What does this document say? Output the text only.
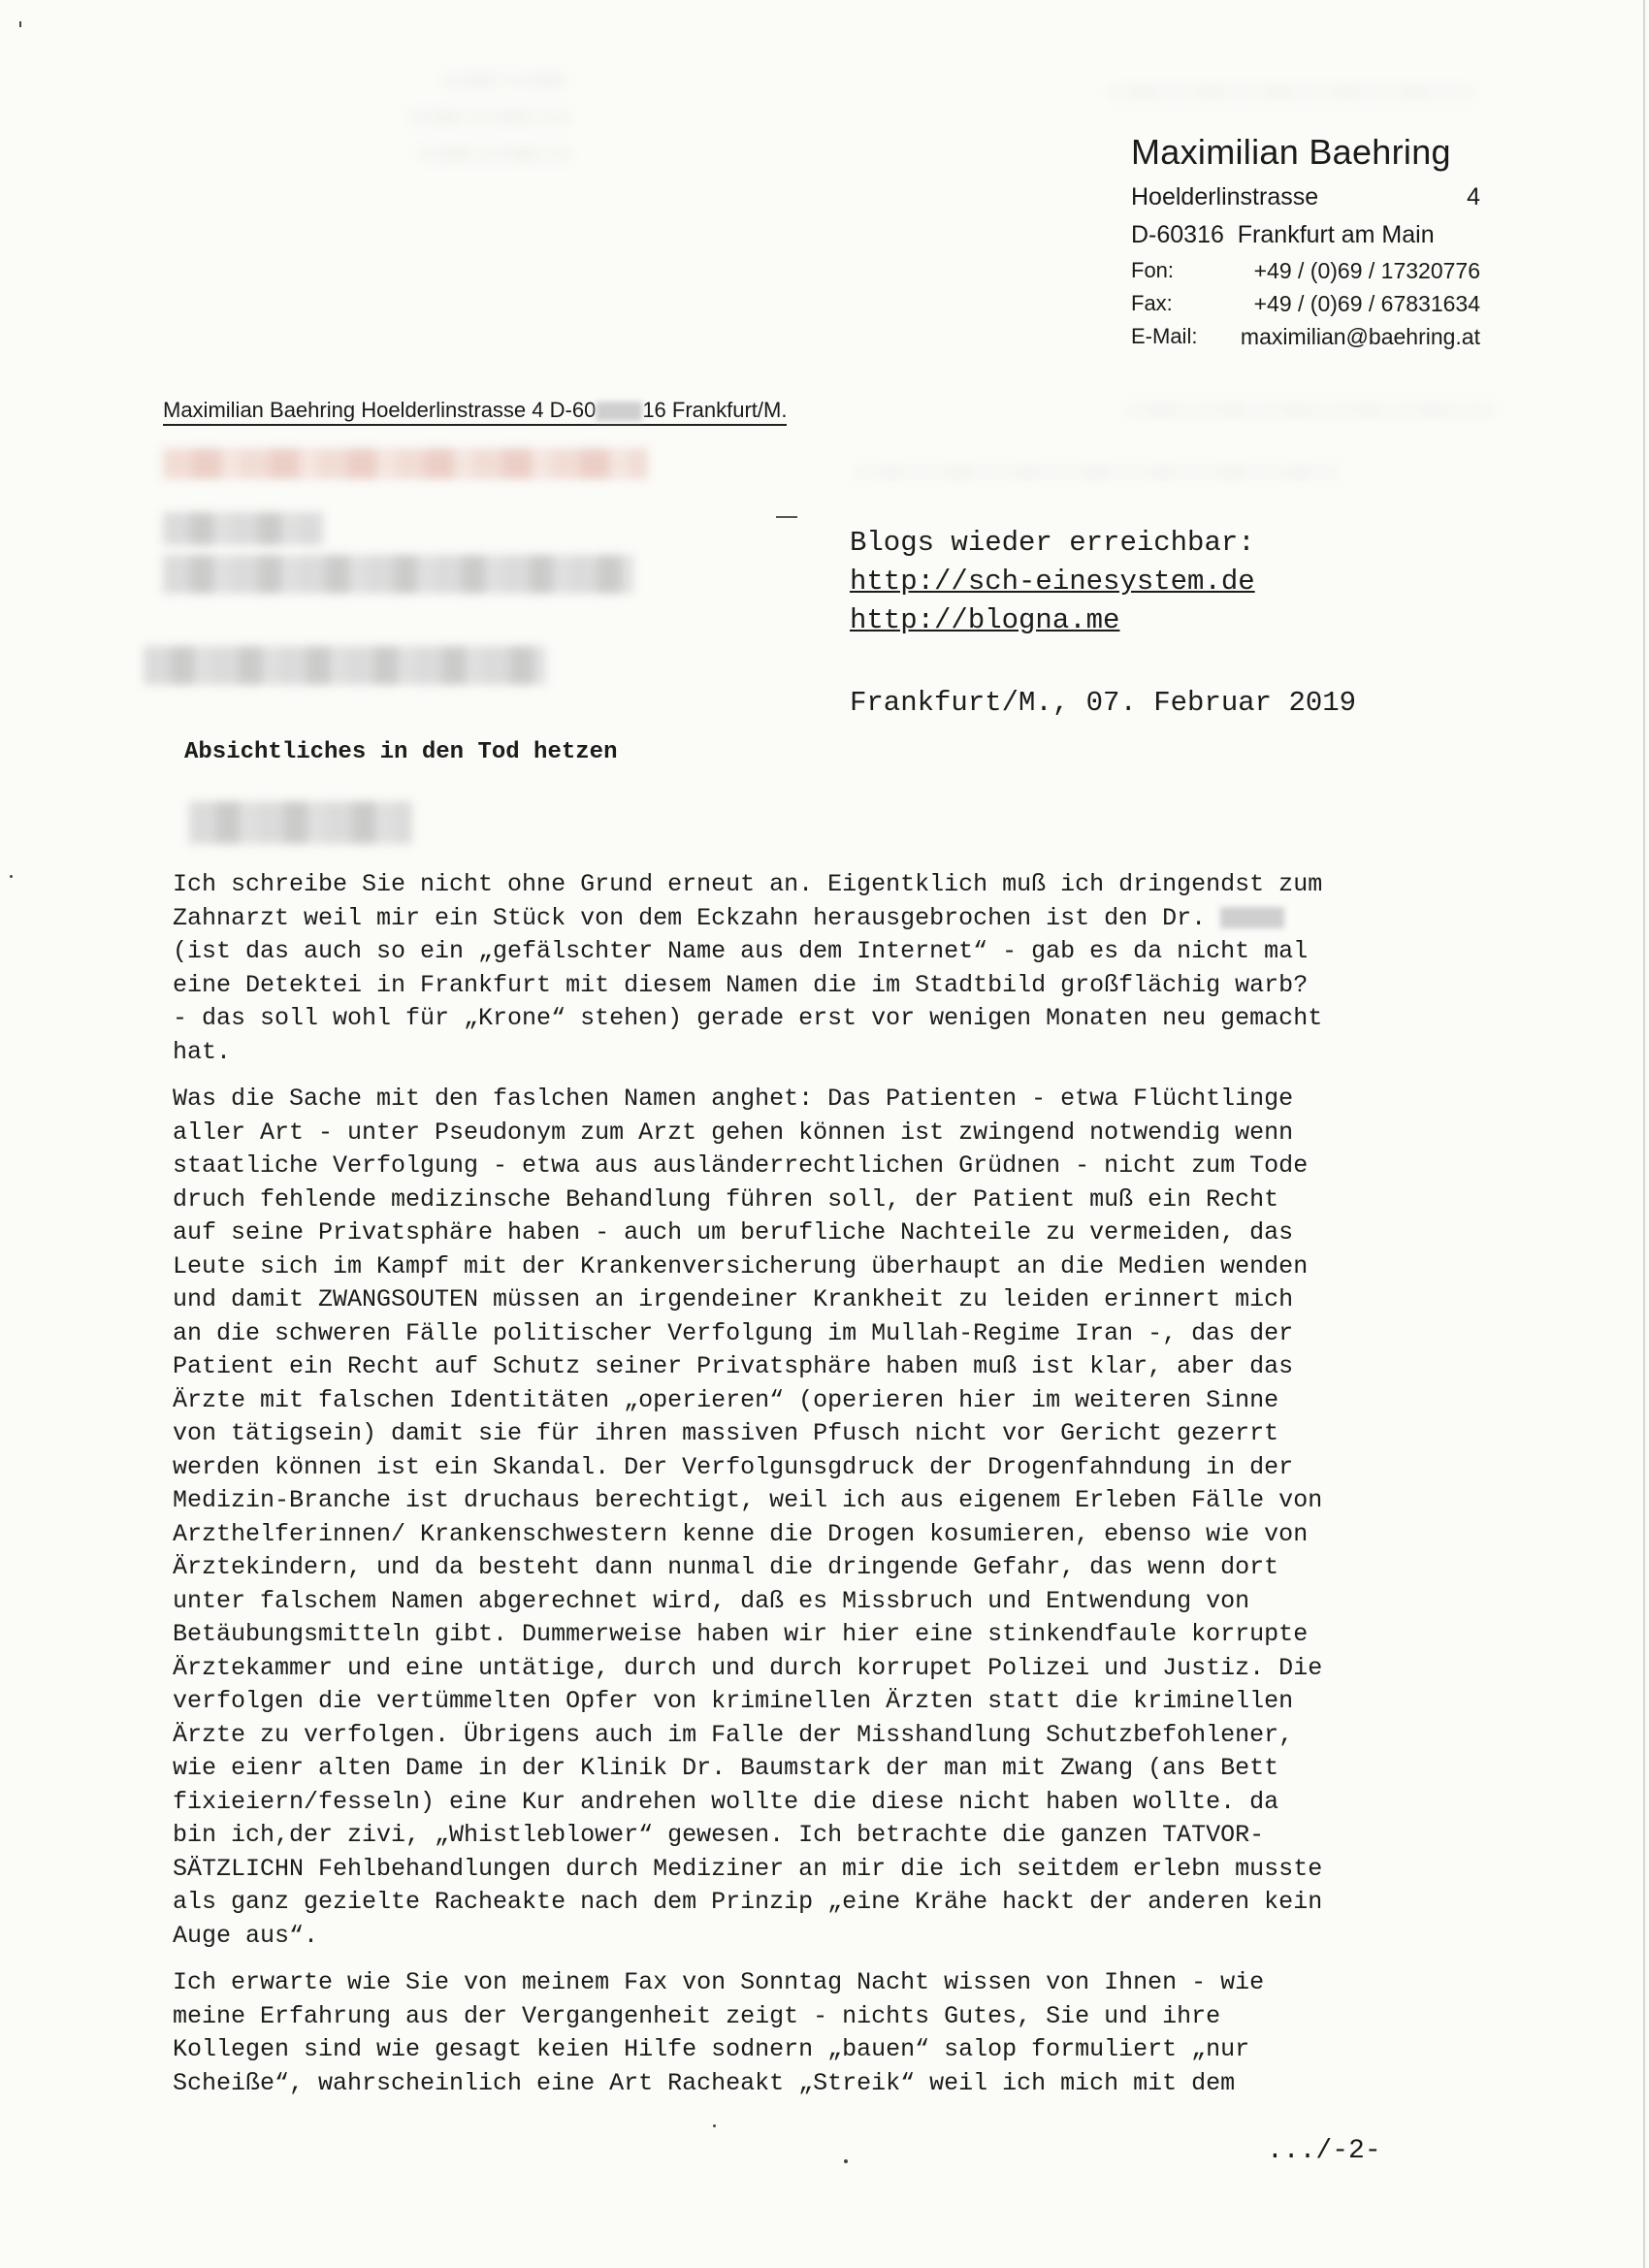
Maximilian Baehring
Hoelderlinstrasse	4
D-60316  Frankfurt am Main
Fon:	+49 / (0)69 / 17320776
Fax:	+49 / (0)69 / 67831634
E-Mail:	maximilian@baehring.at
Maximilian Baehring Hoelderlinstrasse 4 D-60 16 Frankfurt/M.
Blogs wieder erreichbar:
http://sch-einesystem.de
http://blogna.me
Frankfurt/M., 07. Februar 2019
Absichtliches in den Tod hetzen
Ich schreibe Sie nicht ohne Grund erneut an. Eigentklich muß ich dringendst zum
Zahnarzt weil mir ein Stück von dem Eckzahn herausgebrochen ist den Dr.
(ist das auch so ein „gefälschter Name aus dem Internet“ - gab es da nicht mal
eine Detektei in Frankfurt mit diesem Namen die im Stadtbild großflächig warb?
- das soll wohl für „Krone“ stehen) gerade erst vor wenigen Monaten neu gemacht
hat.
Was die Sache mit den faslchen Namen anghet: Das Patienten - etwa Flüchtlinge
aller Art - unter Pseudonym zum Arzt gehen können ist zwingend notwendig wenn
staatliche Verfolgung - etwa aus ausländerrechtlichen Grüdnen - nicht zum Tode
druch fehlende medizinsche Behandlung führen soll, der Patient muß ein Recht
auf seine Privatsphäre haben - auch um berufliche Nachteile zu vermeiden, das
Leute sich im Kampf mit der Krankenversicherung überhaupt an die Medien wenden
und damit ZWANGSOUTEN müssen an irgendeiner Krankheit zu leiden erinnert mich
an die schweren Fälle politischer Verfolgung im Mullah-Regime Iran -, das der
Patient ein Recht auf Schutz seiner Privatsphäre haben muß ist klar, aber das
Ärzte mit falschen Identitäten „operieren“ (operieren hier im weiteren Sinne
von tätigsein) damit sie für ihren massiven Pfusch nicht vor Gericht gezerrt
werden können ist ein Skandal. Der Verfolgunsgdruck der Drogenfahndung in der
Medizin-Branche ist druchaus berechtigt, weil ich aus eigenem Erleben Fälle von
Arzthelferinnen/ Krankenschwestern kenne die Drogen kosumieren, ebenso wie von
Ärztekindern, und da besteht dann nunmal die dringende Gefahr, das wenn dort
unter falschem Namen abgerechnet wird, daß es Missbruch und Entwendung von
Betäubungsmitteln gibt. Dummerweise haben wir hier eine stinkendfaule korrupte
Ärztekammer und eine untätige, durch und durch korrupet Polizei und Justiz. Die
verfolgen die vertümmelten Opfer von kriminellen Ärzten statt die kriminellen
Ärzte zu verfolgen. Übrigens auch im Falle der Misshandlung Schutzbefohlener,
wie eienr alten Dame in der Klinik Dr. Baumstark der man mit Zwang (ans Bett
fixieiern/fesseln) eine Kur andrehen wollte die diese nicht haben wollte. da
bin ich,der zivi, „Whistleblower“ gewesen. Ich betrachte die ganzen TATVOR-
SÄTZLICHN Fehlbehandlungen durch Mediziner an mir die ich seitdem erlebn musste
als ganz gezielte Racheakte nach dem Prinzip „eine Krähe hackt der anderen kein
Auge aus“.
Ich erwarte wie Sie von meinem Fax von Sonntag Nacht wissen von Ihnen - wie
meine Erfahrung aus der Vergangenheit zeigt - nichts Gutes, Sie und ihre
Kollegen sind wie gesagt keien Hilfe sodnern „bauen“ salop formuliert „nur
Scheiße“, wahrscheinlich eine Art Racheakt „Streik“ weil ich mich mit dem
.../-2-
